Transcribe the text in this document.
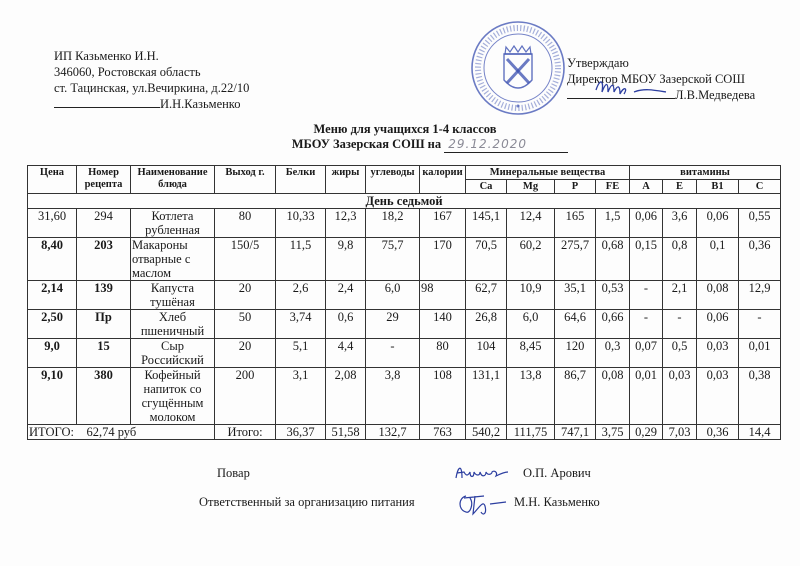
ИП Казьменко И.Н.
346060, Ростовская область
ст. Тацинская, ул.Вечиркина, д.22/10
И.Н.Казьменко
Утверждаю
Директор МБОУ Зазерской СОШ
Л.В.Медведева
Меню для учащихся 1-4 классов
МБОУ Зазерская СОШ на 29.12.2020
Цена	Номер рецепта	Наименование блюда	Выход г.	Белки	жиры	углеводы	калории	Минеральные вещества				витамины			
								Ca	Mg	P	FE	A	E	B1	C
День седьмой															
31,60	294	Котлета рубленная	80	10,33	12,3	18,2	167	145,1	12,4	165	1,5	0,06	3,6	0,06	0,55
8,40	203	Макароны отварные с маслом	150/5	11,5	9,8	75,7	170	70,5	60,2	275,7	0,68	0,15	0,8	0,1	0,36
2,14	139	Капуста тушёная	20	2,6	2,4	6,0	98	62,7	10,9	35,1	0,53	-	2,1	0,08	12,9
2,50	Пр	Хлеб пшеничный	50	3,74	0,6	29	140	26,8	6,0	64,6	0,66	-	-	0,06	-
9,0	15	Сыр Российский	20	5,1	4,4	-	80	104	8,45	120	0,3	0,07	0,5	0,03	0,01
9,10	380	Кофейный напиток со сгущённым молоком	200	3,1	2,08	3,8	108	131,1	13,8	86,7	0,08	0,01	0,03	0,03	0,38
ИТОГО: 62,74 руб			Итого:	36,37	51,58	132,7	763	540,2	111,75	747,1	3,75	0,29	7,03	0,36	14,4
Повар	О.П. Арович
Ответственный за организацию питания	М.Н. Казьменко
